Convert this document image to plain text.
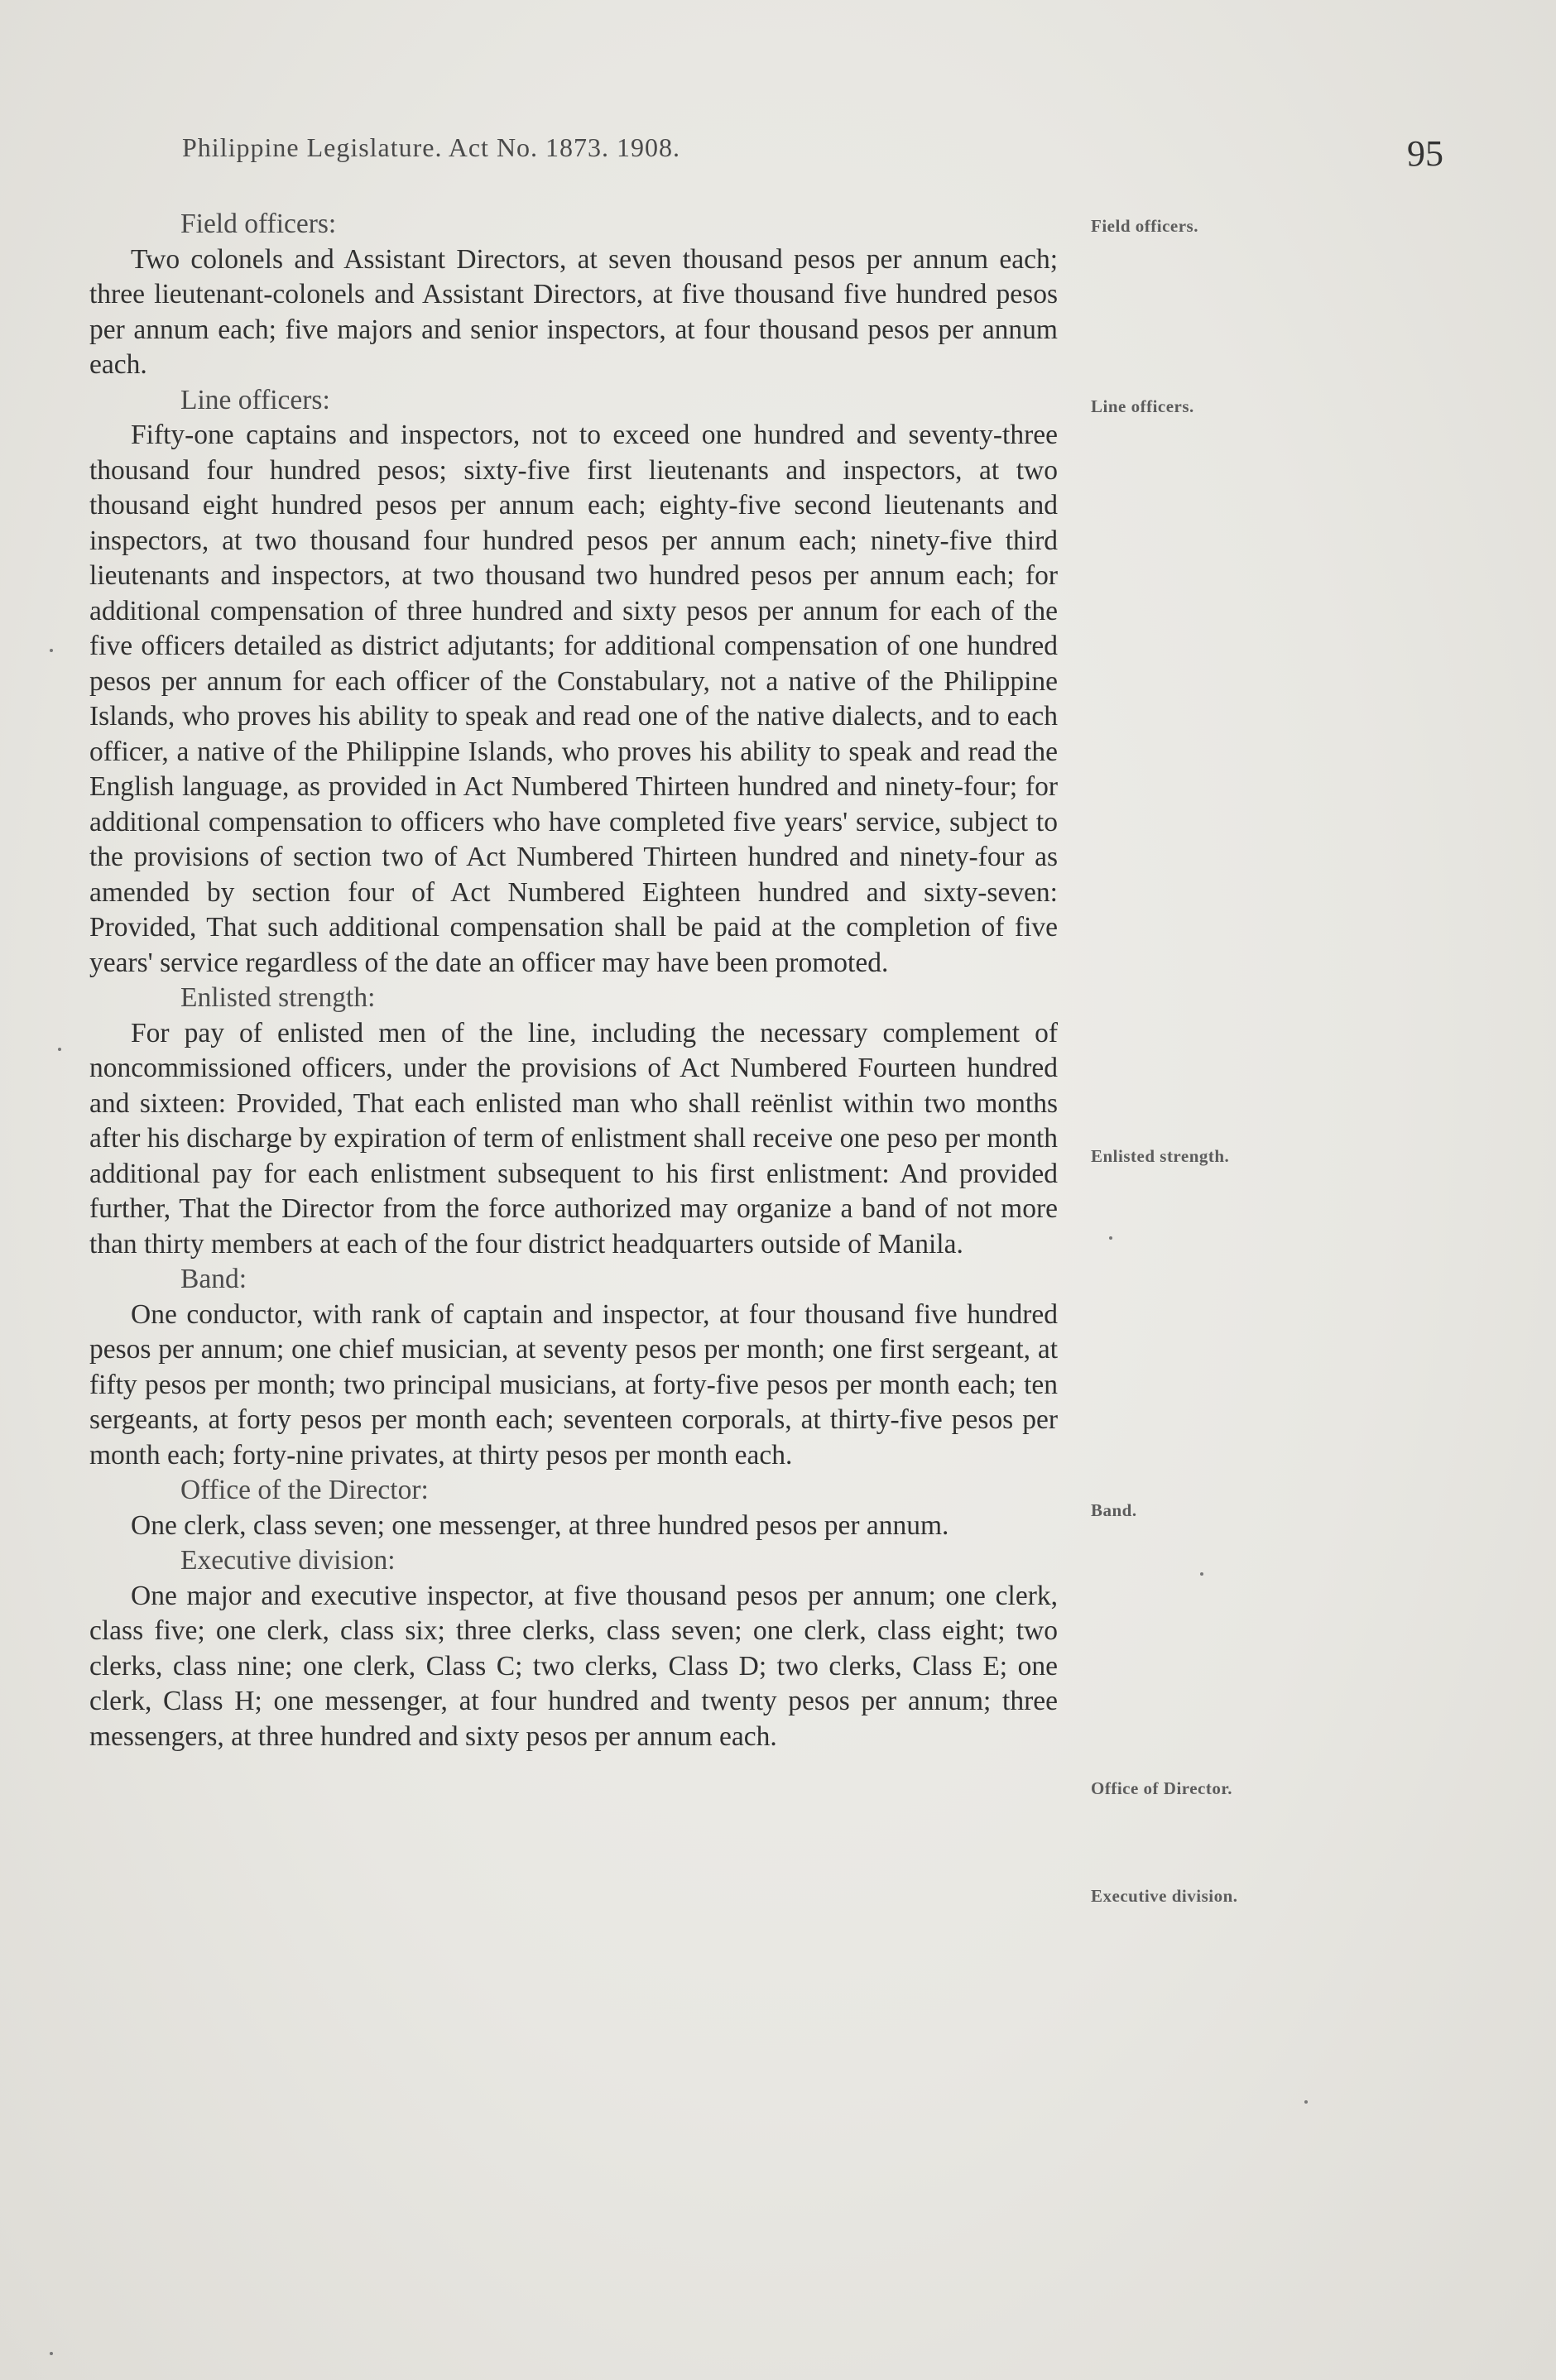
Philippine Legislature. Act No. 1873. 1908.	95

Field officers:

Two colonels and Assistant Directors, at seven thousand pesos per annum each; three lieutenant-colonels and Assistant Directors, at five thousand five hundred pesos per annum each; five majors and senior inspectors, at four thousand pesos per annum each.

Line officers:

Fifty-one captains and inspectors, not to exceed one hundred and seventy-three thousand four hundred pesos; sixty-five first lieutenants and inspectors, at two thousand eight hundred pesos per annum each; eighty-five second lieutenants and inspectors, at two thousand four hundred pesos per annum each; ninety-five third lieutenants and inspectors, at two thousand two hundred pesos per annum each; for additional compensation of three hundred and sixty pesos per annum for each of the five officers detailed as district adjutants; for additional compensation of one hundred pesos per annum for each officer of the Constabulary, not a native of the Philippine Islands, who proves his ability to speak and read one of the native dialects, and to each officer, a native of the Philippine Islands, who proves his ability to speak and read the English language, as provided in Act Numbered Thirteen hundred and ninety-four; for additional compensation to officers who have completed five years' service, subject to the provisions of section two of Act Numbered Thirteen hundred and ninety-four as amended by section four of Act Numbered Eighteen hundred and sixty-seven: Provided, That such additional compensation shall be paid at the completion of five years' service regardless of the date an officer may have been promoted.

Enlisted strength:

For pay of enlisted men of the line, including the necessary complement of noncommissioned officers, under the provisions of Act Numbered Fourteen hundred and sixteen: Provided, That each enlisted man who shall reënlist within two months after his discharge by expiration of term of enlistment shall receive one peso per month additional pay for each enlistment subsequent to his first enlistment: And provided further, That the Director from the force authorized may organize a band of not more than thirty members at each of the four district headquarters outside of Manila.

Band:

One conductor, with rank of captain and inspector, at four thousand five hundred pesos per annum; one chief musician, at seventy pesos per month; one first sergeant, at fifty pesos per month; two principal musicians, at forty-five pesos per month each; ten sergeants, at forty pesos per month each; seventeen corporals, at thirty-five pesos per month each; forty-nine privates, at thirty pesos per month each.

Office of the Director:

One clerk, class seven; one messenger, at three hundred pesos per annum.

Executive division:

One major and executive inspector, at five thousand pesos per annum; one clerk, class five; one clerk, class six; three clerks, class seven; one clerk, class eight; two clerks, class nine; one clerk, Class C; two clerks, Class D; two clerks, Class E; one clerk, Class H; one messenger, at four hundred and twenty pesos per annum; three messengers, at three hundred and sixty pesos per annum each.

Field officers.
Line officers.
Enlisted strength.
Band.
Office of Director.
Executive division.
